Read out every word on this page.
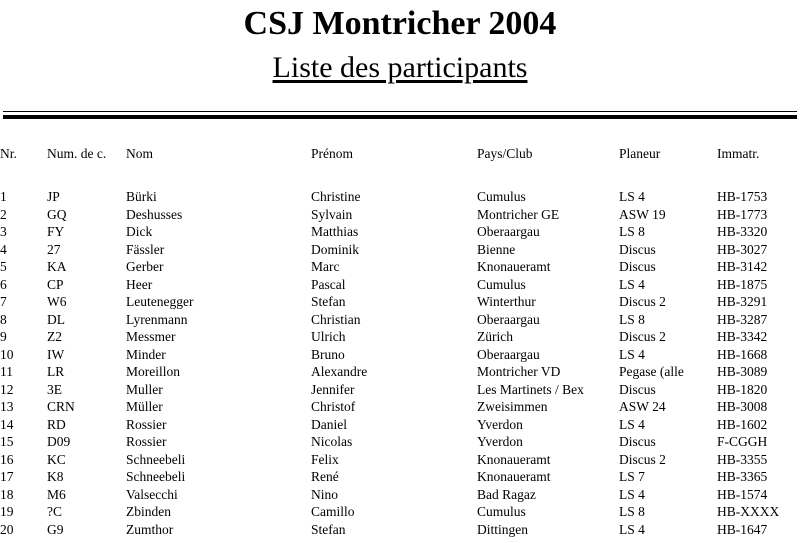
CSJ Montricher 2004
Liste des participants
Nr.		Num. de c.	Nom	Prénom	Pays/Club	Planeur	Immatr.

1		JP	Bürki	Christine	Cumulus	LS 4	HB-1753
2		GQ	Deshusses	Sylvain	Montricher GE	ASW 19	HB-1773
3		FY	Dick	Matthias	Oberaargau	LS 8	HB-3320
4		27	Fässler	Dominik	Bienne	Discus	HB-3027
5		KA	Gerber	Marc	Knonaueramt	Discus	HB-3142
6		CP	Heer	Pascal	Cumulus	LS 4	HB-1875
7		W6	Leutenegger	Stefan	Winterthur	Discus 2	HB-3291
8		DL	Lyrenmann	Christian	Oberaargau	LS 8	HB-3287
9		Z2	Messmer	Ulrich	Zürich	Discus 2	HB-3342
10		IW	Minder	Bruno	Oberaargau	LS 4	HB-1668
11		LR	Moreillon	Alexandre	Montricher VD	Pegase (alle	HB-3089
12		3E	Muller	Jennifer	Les Martinets / Bex	Discus	HB-1820
13		CRN	Müller	Christof	Zweisimmen	ASW 24	HB-3008
14		RD	Rossier	Daniel	Yverdon	LS 4	HB-1602
15		D09	Rossier	Nicolas	Yverdon	Discus	F-CGGH
16		KC	Schneebeli	Felix	Knonaueramt	Discus 2	HB-3355
17		K8	Schneebeli	René	Knonaueramt	LS 7	HB-3365
18		M6	Valsecchi	Nino	Bad Ragaz	LS 4	HB-1574
19		?C	Zbinden	Camillo	Cumulus	LS 8	HB-XXXX
20		G9	Zumthor	Stefan	Dittingen	LS 4	HB-1647
